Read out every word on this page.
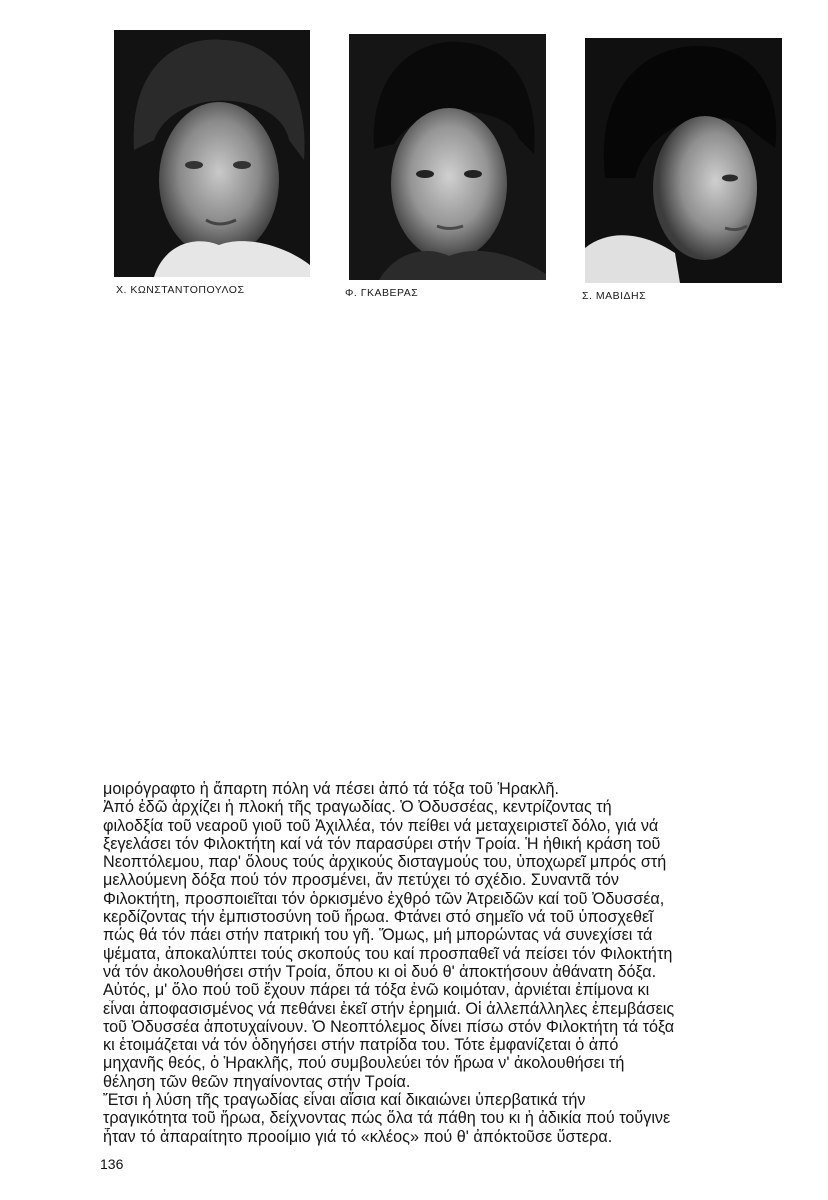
Χ. ΚΩΝΣΤΑΝΤΟΠΟΥΛΟΣ	Φ. ΓΚΑΒΕΡΑΣ	Σ. ΜΑΒΙΔΗΣ
μοιρόγραφτο ἡ ἄπαρτη πόλη νά πέσει ἀπό τά τόξα τοῦ Ἡρακλῆ.
Ἀπό ἐδῶ ἀρχίζει ἡ πλοκή τῆς τραγωδίας. Ὁ Ὀδυσσέας, κεντρίζοντας τή
φιλοδξία τοῦ νεαροῦ γιοῦ τοῦ Ἀχιλλέα, τόν πείθει νά μεταχειριστεῖ δόλο, γιά νά
ξεγελάσει τόν Φιλοκτήτη καί νά τόν παρασύρει στήν Τροία. Ἡ ἠθική κράση τοῦ
Νεοπτόλεμου, παρ' ὅλους τούς ἀρχικούς δισταγμούς του, ὑποχωρεῖ μπρός στή
μελλούμενη δόξα πού τόν προσμένει, ἄν πετύχει τό σχέδιο. Συναντᾶ τόν
Φιλοκτήτη, προσποιεῖται τόν ὁρκισμένο ἐχθρό τῶν Ἀτρειδῶν καί τοῦ Ὀδυσσέα,
κερδίζοντας τήν ἐμπιστοσύνη τοῦ ἥρωα. Φτάνει στό σημεῖο νά τοῦ ὑποσχεθεῖ
πώς θά τόν πάει στήν πατρική του γῆ. Ὅμως, μή μπορώντας νά συνεχίσει τά
ψέματα, ἀποκαλύπτει τούς σκοπούς του καί προσπαθεῖ νά πείσει τόν Φιλοκτήτη
νά τόν ἀκολουθήσει στήν Τροία, ὅπου κι οἱ δυό θ' ἀποκτήσουν ἀθάνατη δόξα.
Αὐτός, μ' ὅλο πού τοῦ ἔχουν πάρει τά τόξα ἐνῶ κοιμόταν, ἀρνιέται ἐπίμονα κι
εἶναι ἀποφασισμένος νά πεθάνει ἐκεῖ στήν ἐρημιά. Οἱ ἀλλεπάλληλες ἐπεμβάσεις
τοῦ Ὀδυσσέα ἀποτυχαίνουν. Ὁ Νεοπτόλεμος δίνει πίσω στόν Φιλοκτήτη τά τόξα
κι ἑτοιμάζεται νά τόν ὁδηγήσει στήν πατρίδα του. Τότε ἐμφανίζεται ὁ ἀπό
μηχανῆς θεός, ὁ Ἡρακλῆς, πού συμβουλεύει τόν ἥρωα ν' ἀκολουθήσει τή
θέληση τῶν θεῶν πηγαίνοντας στήν Τροία.
Ἔτσι ἡ λύση τῆς τραγωδίας εἶναι αἴσια καί δικαιώνει ὑπερβατικά τήν
τραγικότητα τοῦ ἥρωα, δείχνοντας πώς ὅλα τά πάθη του κι ἡ ἀδικία πού τοὔγινε
ἦταν τό ἀπαραίτητο προοίμιο γιά τό «κλέος» πού θ' ἀπόκτοῦσε ὕστερα.
136
